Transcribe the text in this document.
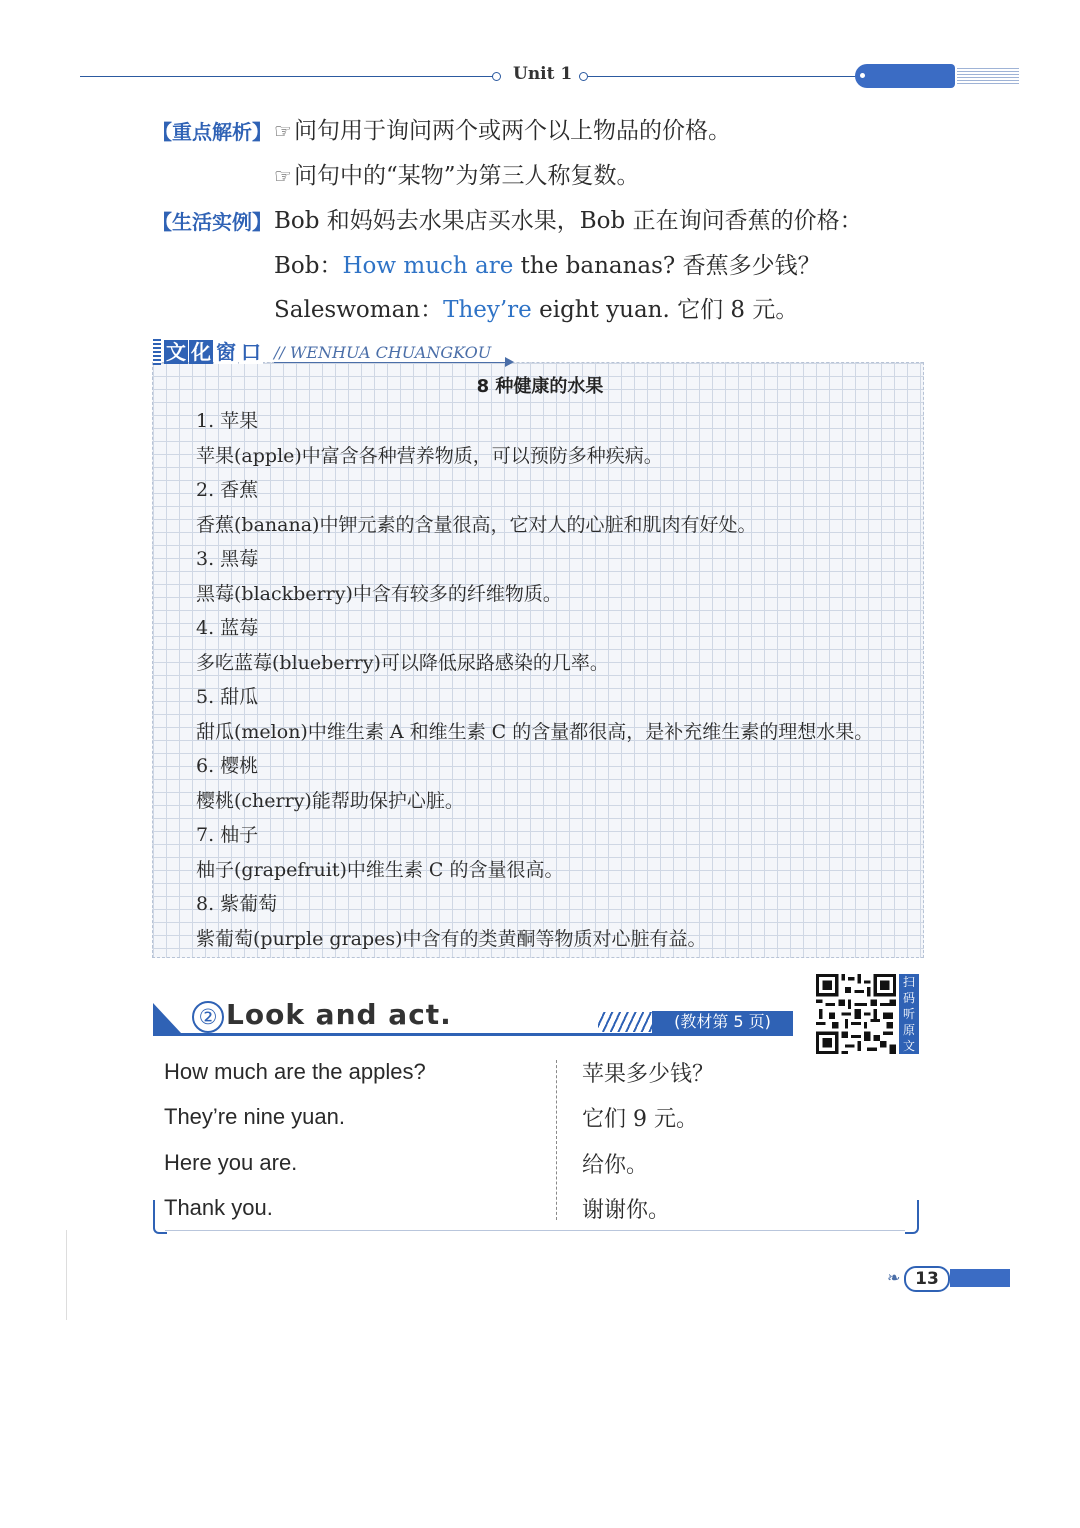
Unit 1
【重点解析】 ☞问句用于询问两个或两个以上物品的价格。
☞问句中的“某物”为第三人称复数。
【生活实例】 Bob 和妈妈去水果店买水果，Bob 正在询问香蕉的价格：
Bob：How much are the bananas? 香蕉多少钱？
Saleswoman：They’re eight yuan. 它们 8 元。
文 化 窗 口 // WENHUA CHUANGKOU
8 种健康的水果
1. 苹果
苹果(apple)中富含各种营养物质，可以预防多种疾病。
2. 香蕉
香蕉(banana)中钾元素的含量很高，它对人的心脏和肌肉有好处。
3. 黑莓
黑莓(blackberry)中含有较多的纤维物质。
4. 蓝莓
多吃蓝莓(blueberry)可以降低尿路感染的几率。
5. 甜瓜
甜瓜(melon)中维生素 A 和维生素 C 的含量都很高，是补充维生素的理想水果。
6. 樱桃
樱桃(cherry)能帮助保护心脏。
7. 柚子
柚子(grapefruit)中维生素 C 的含量很高。
8. 紫葡萄
紫葡萄(purple grapes)中含有的类黄酮等物质对心脏有益。
② Look and act.	(教材第 5 页)
扫
码
听
原
文
How much are the apples?
They’re nine yuan.
Here you are.
Thank you.
苹果多少钱？
它们 9 元。
给你。
谢谢你。
❧ 13
